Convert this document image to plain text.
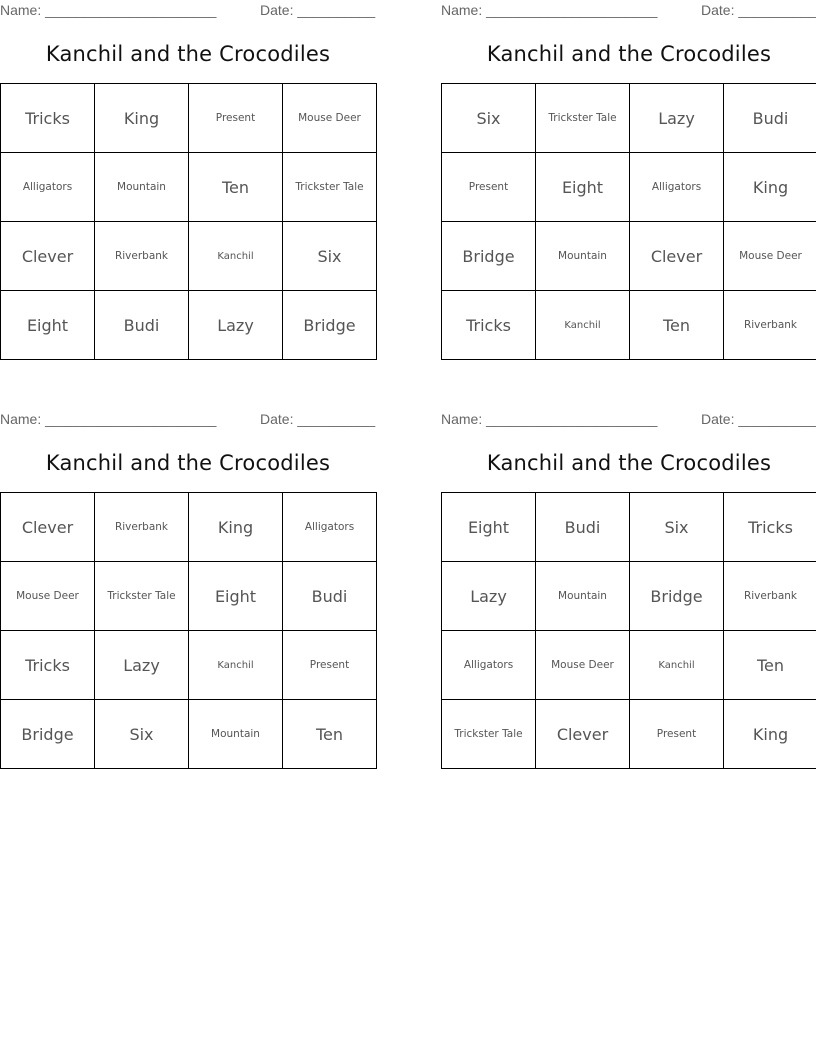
Name: ______________________	Date: __________
Kanchil and the Crocodiles
Tricks	King	Present	Mouse Deer
Alligators	Mountain	Ten	Trickster Tale
Clever	Riverbank	Kanchil	Six
Eight	Budi	Lazy	Bridge
Name: ______________________	Date: __________
Kanchil and the Crocodiles
Six	Trickster Tale	Lazy	Budi
Present	Eight	Alligators	King
Bridge	Mountain	Clever	Mouse Deer
Tricks	Kanchil	Ten	Riverbank
Name: ______________________	Date: __________
Kanchil and the Crocodiles
Clever	Riverbank	King	Alligators
Mouse Deer	Trickster Tale	Eight	Budi
Tricks	Lazy	Kanchil	Present
Bridge	Six	Mountain	Ten
Name: ______________________	Date: __________
Kanchil and the Crocodiles
Eight	Budi	Six	Tricks
Lazy	Mountain	Bridge	Riverbank
Alligators	Mouse Deer	Kanchil	Ten
Trickster Tale	Clever	Present	King
